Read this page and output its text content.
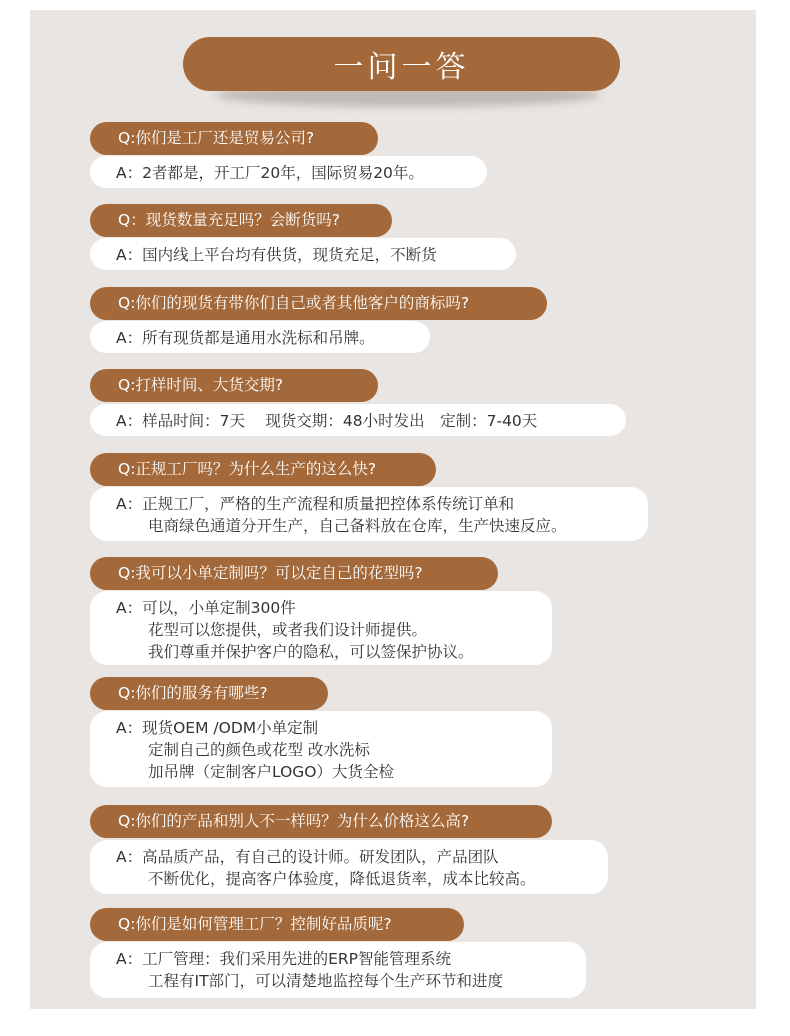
一问一答
Q:你们是工厂还是贸易公司?
A：2者都是，开工厂20年，国际贸易20年。
Q：现货数量充足吗？会断货吗?
A：国内线上平台均有供货，现货充足，不断货
Q:你们的现货有带你们自己或者其他客户的商标吗?
A：所有现货都是通用水洗标和吊牌。
Q:打样时间、大货交期?
A：样品时间：7天　 现货交期：48小时发出　定制：7-40天
Q:正规工厂吗？为什么生产的这么快?
A：正规工厂，严格的生产流程和质量把控体系传统订单和
电商绿色通道分开生产，自己备料放在仓库，生产快速反应。
Q:我可以小单定制吗？可以定自己的花型吗?
A：可以，小单定制300件
花型可以您提供，或者我们设计师提供。
我们尊重并保护客户的隐私，可以签保护协议。
Q:你们的服务有哪些?
A：现货OEM /ODM小单定制
定制自己的颜色或花型 改水洗标
加吊牌（定制客户LOGO）大货全检
Q:你们的产品和别人不一样吗？为什么价格这么高?
A：高品质产品，有自己的设计师。研发团队，产品团队
不断优化，提高客户体验度，降低退货率，成本比较高。
Q:你们是如何管理工厂？控制好品质呢?
A：工厂管理：我们采用先进的ERP智能管理系统
工程有IT部门，可以清楚地监控每个生产环节和进度
